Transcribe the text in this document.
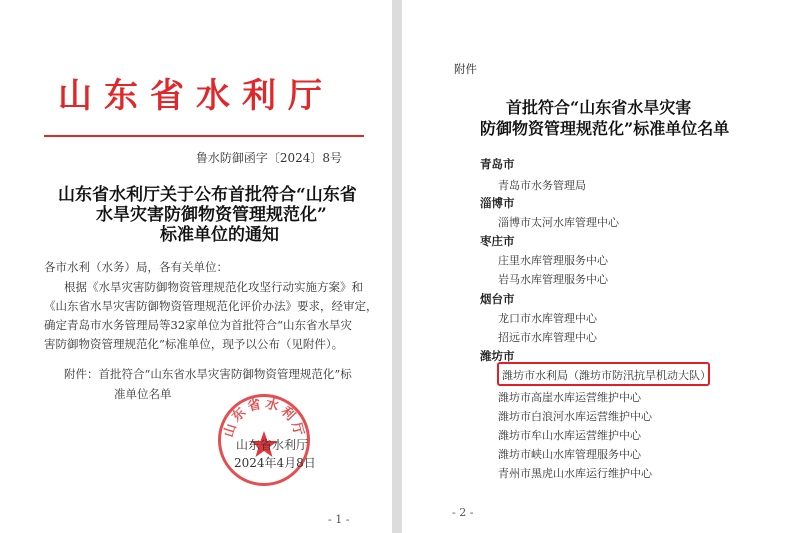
山东省水利厅
鲁水防御函字〔2024〕8号
山东省水利厅关于公布首批符合“山东省
水旱灾害防御物资管理规范化”
标准单位的通知
各市水利（水务）局，各有关单位：
根据《水旱灾害防御物资管理规范化攻坚行动实施方案》和
《山东省水旱灾害防御物资管理规范化评价办法》要求，经审定，
确定青岛市水务管理局等32家单位为首批符合“山东省水旱灾
害防御物资管理规范化”标准单位，现予以公布（见附件）。
附件：首批符合“山东省水旱灾害防御物资管理规范化”标
准单位名单
山东省水利厅
山东省水利厅
2024年4月8日
- 1 -
附件
首批符合“山东省水旱灾害
防御物资管理规范化”标准单位名单
青岛市
青岛市水务管理局
淄博市
淄博市太河水库管理中心
枣庄市
庄里水库管理服务中心
岩马水库管理服务中心
烟台市
龙口市水库管理中心
招远市水库管理中心
潍坊市
潍坊市水利局（潍坊市防汛抗旱机动大队）
潍坊市高崖水库运营维护中心
潍坊市白浪河水库运营维护中心
潍坊市牟山水库运营维护中心
潍坊市峡山水库管理服务中心
青州市黑虎山水库运行维护中心
- 2 -
